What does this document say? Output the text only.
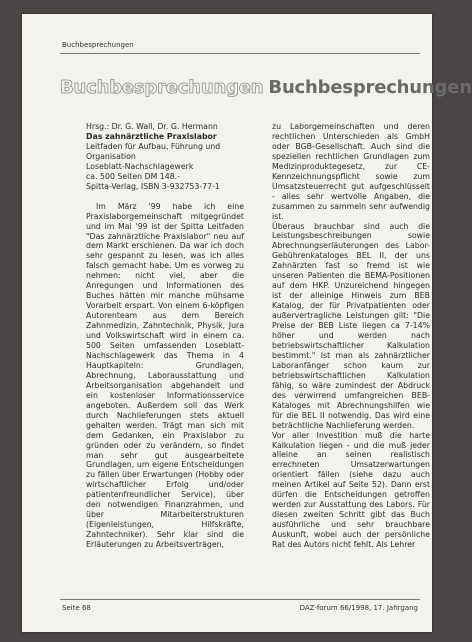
Buchbesprechungen
Buchbesprechungen Buchbesprechungen
Hrsg.: Dr. G. Wall, Dr. G. Hermann
Das zahnärztliche Praxislabor
Leitfaden für Aufbau, Führung und
Organisation
Loseblatt-Nachschlagewerk
ca. 500 Seiten DM 148.-
Spitta-Verlag, ISBN 3-932753-77-1
Im März '99 habe ich eine Praxislaborgemeinschaft mitgegründet und im Mai '99 ist der Spitta Leitfaden "Das zahnärztliche Praxislabor" neu auf dem Markt erschienen. Da war ich doch sehr gespannt zu lesen, was ich alles falsch gemacht habe. Um es vorweg zu nehmen: nicht viel, aber die Anregungen und Informationen des Buches hätten mir manche mühsame Vorarbeit erspart. Von einem 6-köpfigen Autorenteam aus dem Bereich Zahnmedizin, Zahntechnik, Physik, Jura und Volkswirtschaft wird in einem ca. 500 Seiten umfassenden Loseblatt-Nachschlagewerk das Thema in 4 Hauptkapiteln: Grundlagen, Abrechnung, Laborausstattung und Arbeitsorganisation abgehandelt und ein kostenloser Informationsservice angeboten. Außerdem soll das Werk durch Nachlieferungen stets aktuell gehalten werden. Trägt man sich mit dem Gedanken, ein Praxislabor zu gründen oder zu verändern, so findet man sehr gut ausgearbeitete Grundlagen, um eigene Entscheidungen zu fällen über Erwartungen (Hobby oder wirtschaftlicher Erfolg und/oder patientenfreundlicher Service), über den notwendigen Finanzrahmen, und über Mitarbeiterstrukturen (Eigenleistungen, Hilfskräfte, Zahntechniker). Sehr klar sind die Erläuterungen zu Arbeitsverträgen,
zu Laborgemeinschaften und deren rechtlichen Unterschieden als GmbH oder BGB-Gesellschaft. Auch sind die speziellen rechtlichen Grundlagen zum Medizinproduktegesetz, zur CE-Kennzeichnungspflicht sowie zum Umsatzsteuerrecht gut aufgeschlüsselt - alles sehr wertvolle Angaben, die zusammen zu sammeln sehr aufwendig ist.
Überaus brauchbar sind auch die Leistungsbeschreibungen sowie Abrechnungserläuterungen des Labor-Gebührenkataloges BEL II, der uns Zahnärzten fast so fremd ist wie unseren Patienten die BEMA-Positionen auf dem HKP. Unzureichend hingegen ist der alleinige Hinweis zum BEB Katalog, der für Privatpatienten oder außervertragliche Leistungen gilt: "Die Preise der BEB Liste liegen ca 7-14% höher und werden nach betriebswirtschaftlicher Kalkulation bestimmt." Ist man als zahnärztlicher Laboranfänger schon kaum zur betriebswirtschaftlichen Kalkulation fähig, so wäre zumindest der Abdruck des verwirrend umfangreichen BEB-Kataloges mit Abrechnungshilfen wie für die BEL II notwendig. Das wird eine beträchtliche Nachlieferung werden.
Vor aller Investition muß die harte Kalkulation liegen - und die muß jeder alleine an seinen realistisch errechneten Umsatzerwartungen orientiert fällen (siehe dazu auch meinen Artikel auf Seite 52). Dann erst dürfen die Entscheidungen getroffen werden zur Ausstattung des Labors. Für diesen zweiten Schritt gibt das Buch ausführliche und sehr brauchbare Auskunft, wobei auch der persönliche Rat des Autors nicht fehlt. Als Lehrer
Seite 68	DAZ-forum 66/1998, 17. Jahrgang
